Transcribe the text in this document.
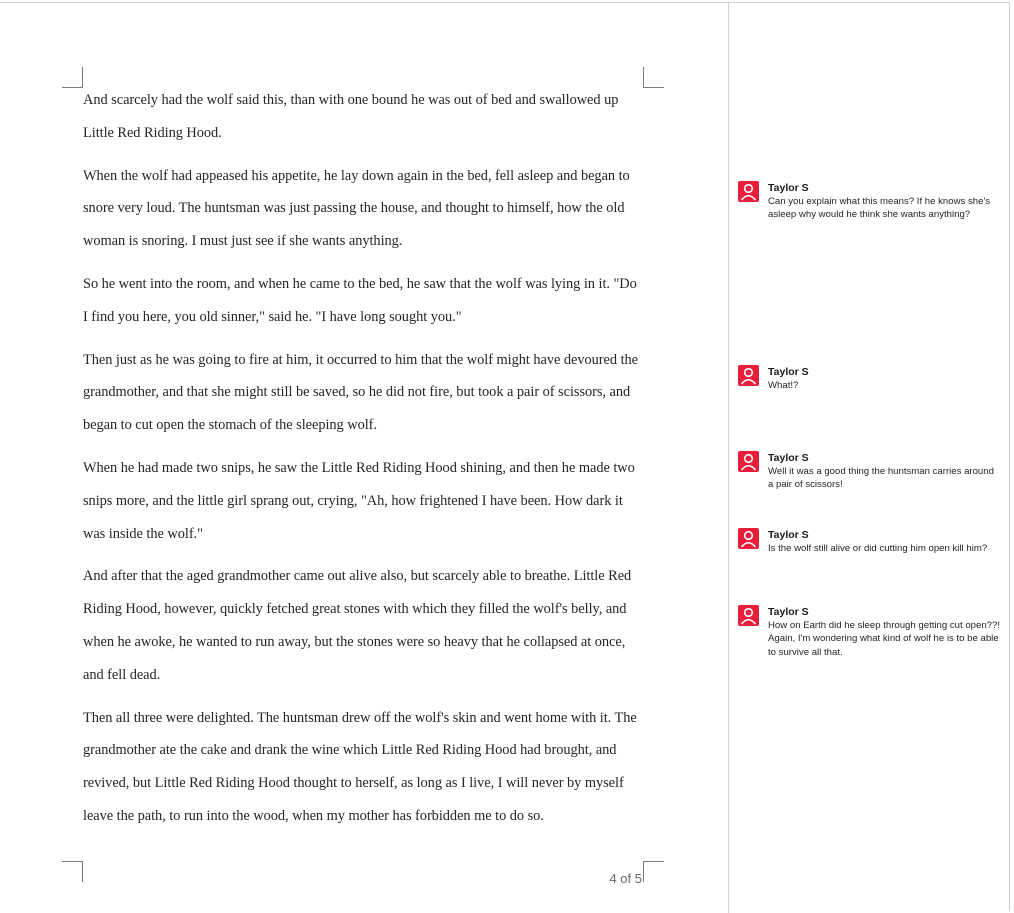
And scarcely had the wolf said this, than with one bound he was out of bed and swallowed up Little Red Riding Hood.

When the wolf had appeased his appetite, he lay down again in the bed, fell asleep and began to snore very loud. The huntsman was just passing the house, and thought to himself, how the old woman is snoring. I must just see if she wants anything.

So he went into the room, and when he came to the bed, he saw that the wolf was lying in it. "Do I find you here, you old sinner," said he. "I have long sought you."

Then just as he was going to fire at him, it occurred to him that the wolf might have devoured the grandmother, and that she might still be saved, so he did not fire, but took a pair of scissors, and began to cut open the stomach of the sleeping wolf.

When he had made two snips, he saw the Little Red Riding Hood shining, and then he made two snips more, and the little girl sprang out, crying, "Ah, how frightened I have been. How dark it was inside the wolf."

And after that the aged grandmother came out alive also, but scarcely able to breathe. Little Red Riding Hood, however, quickly fetched great stones with which they filled the wolf's belly, and when he awoke, he wanted to run away, but the stones were so heavy that he collapsed at once, and fell dead.

Then all three were delighted. The huntsman drew off the wolf's skin and went home with it. The grandmother ate the cake and drank the wine which Little Red Riding Hood had brought, and revived, but Little Red Riding Hood thought to herself, as long as I live, I will never by myself leave the path, to run into the wood, when my mother has forbidden me to do so.

4 of 5
Taylor S
Can you explain what this means? If he knows she's asleep why would he think she wants anything?
Taylor S
What!?
Taylor S
Well it was a good thing the huntsman carries around a pair of scissors!
Taylor S
Is the wolf still alive or did cutting him open kill him?
Taylor S
How on Earth did he sleep through getting cut open??! Again, I'm wondering what kind of wolf he is to be able to survive all that.
